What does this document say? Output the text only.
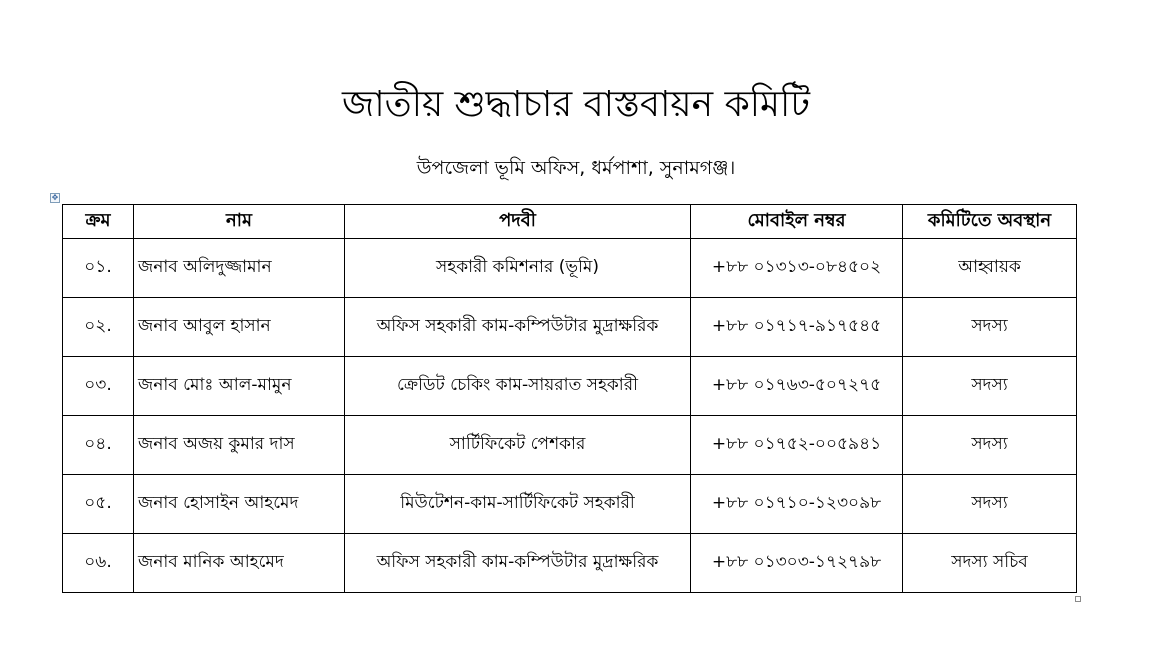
জাতীয় শুদ্ধাচার বাস্তবায়ন কমিটি
উপজেলা ভূমি অফিস, ধর্মপাশা, সুনামগঞ্জ।
✥
ক্রম	নাম	পদবী	মোবাইল নম্বর	কমিটিতে অবস্থান
০১.	জনাব অলিদুজ্জামান	সহকারী কমিশনার (ভূমি)	+৮৮ ০১৩১৩-০৮৪৫০২	আহ্বায়ক
০২.	জনাব আবুল হাসান	অফিস সহকারী কাম-কম্পিউটার মুদ্রাক্ষরিক	+৮৮ ০১৭১৭-৯১৭৫৪৫	সদস্য
০৩.	জনাব মোঃ আল-মামুন	ক্রেডিট চেকিং কাম-সায়রাত সহকারী	+৮৮ ০১৭৬৩-৫০৭২৭৫	সদস্য
০৪.	জনাব অজয় কুমার দাস	সার্টিফিকেট পেশকার	+৮৮ ০১৭৫২-০০৫৯৪১	সদস্য
০৫.	জনাব হোসাইন আহমেদ	মিউটেশন-কাম-সার্টিফিকেট সহকারী	+৮৮ ০১৭১০-১২৩০৯৮	সদস্য
০৬.	জনাব মানিক আহমেদ	অফিস সহকারী কাম-কম্পিউটার মুদ্রাক্ষরিক	+৮৮ ০১৩০৩-১৭২৭৯৮	সদস্য সচিব
